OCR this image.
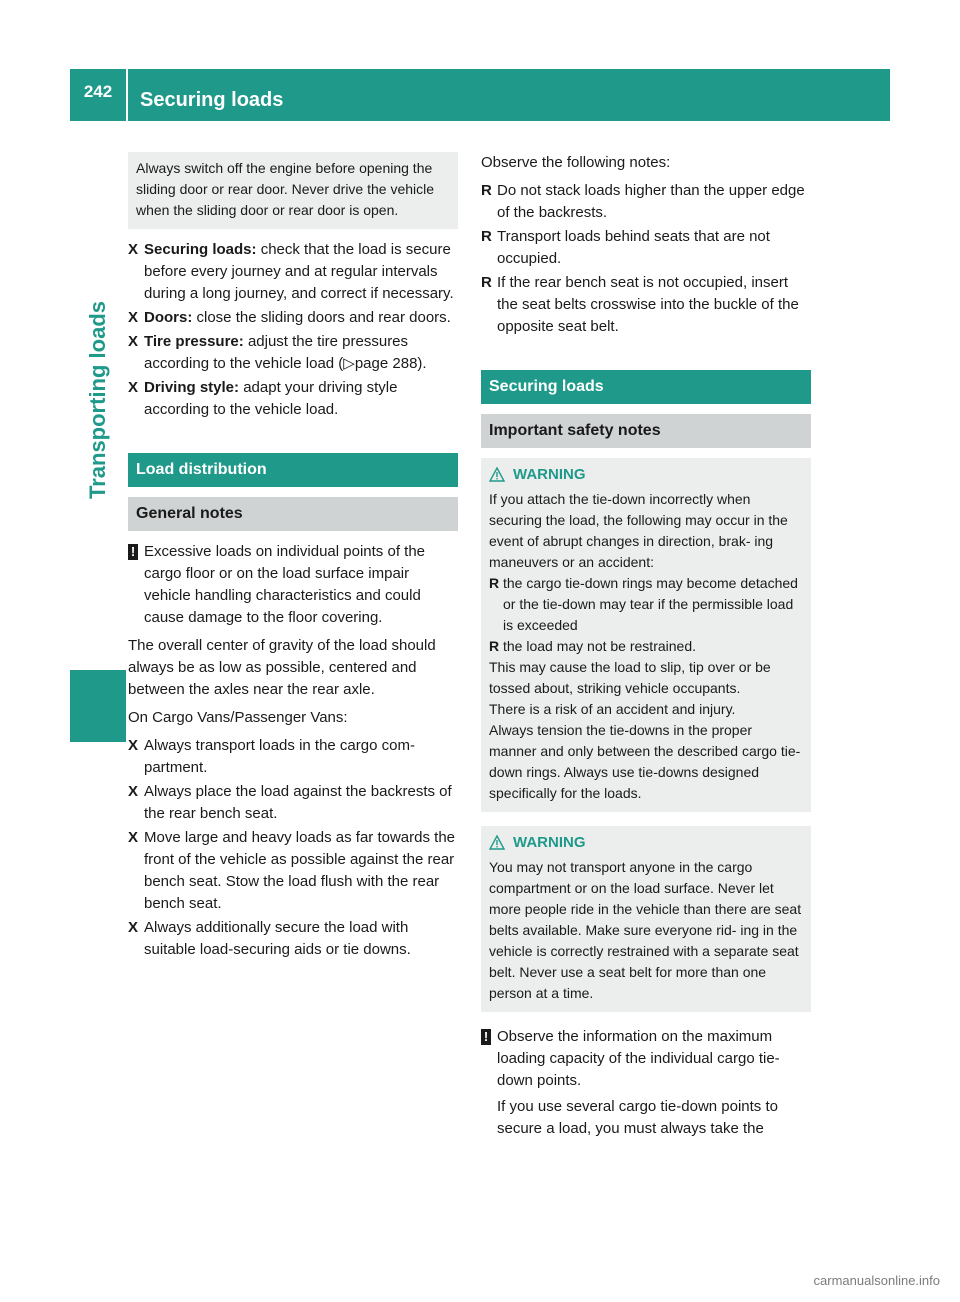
242	Securing loads
Transporting loads
Always switch off the engine before opening the sliding door or rear door. Never drive the vehicle when the sliding door or rear door is open.
X Securing loads: check that the load is secure before every journey and at regular intervals during a long journey, and correct if necessary.
X Doors: close the sliding doors and rear doors.
X Tire pressure: adjust the tire pressures according to the vehicle load (▷page 288).
X Driving style: adapt your driving style according to the vehicle load.
Load distribution
General notes
! Excessive loads on individual points of the cargo floor or on the load surface impair vehicle handling characteristics and could cause damage to the floor covering.

The overall center of gravity of the load should always be as low as possible, centered and between the axles near the rear axle.

On Cargo Vans/Passenger Vans:

X Always transport loads in the cargo com- partment.
X Always place the load against the backrests of the rear bench seat.
X Move large and heavy loads as far towards the front of the vehicle as possible against the rear bench seat. Stow the load flush with the rear bench seat.
X Always additionally secure the load with suitable load-securing aids or tie downs.

Observe the following notes:

R Do not stack loads higher than the upper edge of the backrests.
R Transport loads behind seats that are not occupied.
R If the rear bench seat is not occupied, insert the seat belts crosswise into the buckle of the opposite seat belt.
Securing loads
Important safety notes
WARNING
If you attach the tie-down incorrectly when securing the load, the following may occur in the event of abrupt changes in direction, brak- ing maneuvers or an accident:
R the cargo tie-down rings may become detached or the tie-down may tear if the permissible load is exceeded
R the load may not be restrained.
This may cause the load to slip, tip over or be tossed about, striking vehicle occupants.
There is a risk of an accident and injury.
Always tension the tie-downs in the proper manner and only between the described cargo tie-down rings. Always use tie-downs designed specifically for the loads.
WARNING
You may not transport anyone in the cargo compartment or on the load surface. Never let more people ride in the vehicle than there are seat belts available. Make sure everyone rid- ing in the vehicle is correctly restrained with a separate seat belt. Never use a seat belt for more than one person at a time.
! Observe the information on the maximum loading capacity of the individual cargo tie- down points.
If you use several cargo tie-down points to secure a load, you must always take the
carmanualsonline.info
